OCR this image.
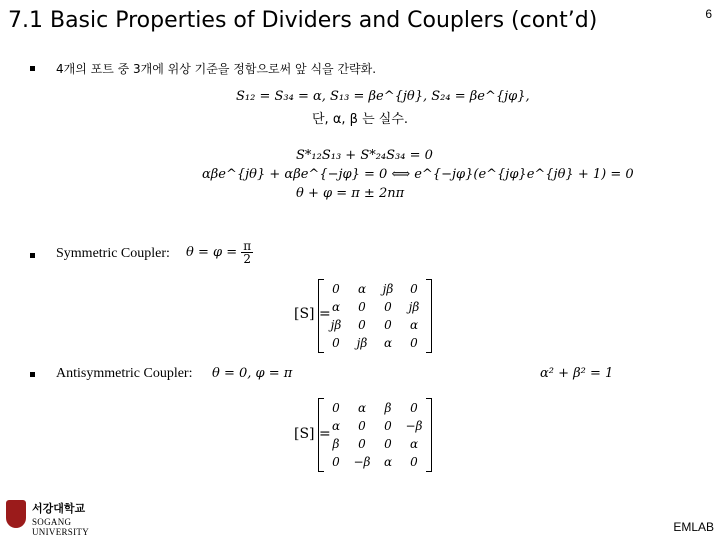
7.1 Basic Properties of Dividers and Couplers (cont’d)	6
4개의 포트 중 3개에 위상 기준을 정함으로써 앞 식을 간략화.
S₁₂ = S₃₄ = α, S₁₃ = βe^{jθ}, S₂₄ = βe^{jφ},
단, α, β 는 실수.
S*₁₂S₁₃ + S*₂₄S₃₄ = 0
αβe^{jθ} + αβe^{−jφ} = 0 ⟺ e^{−jφ}(e^{jφ}e^{jθ} + 1) = 0
θ + φ = π ± 2nπ
Symmetric Coupler: $\theta = \varphi = \frac{\pi}{2}$
[S] =
0	α	jβ	0
α	0	0	jβ
jβ	0	0	α
0	jβ	α	0
Antisymmetric Coupler: θ = 0, φ = π	α² + β² = 1
[S] =
0	α	β	0
α	0	0	−β
β	0	0	α
0	−β	α	0
서강대학교
SOGANG UNIVERSITY	EMLAB
